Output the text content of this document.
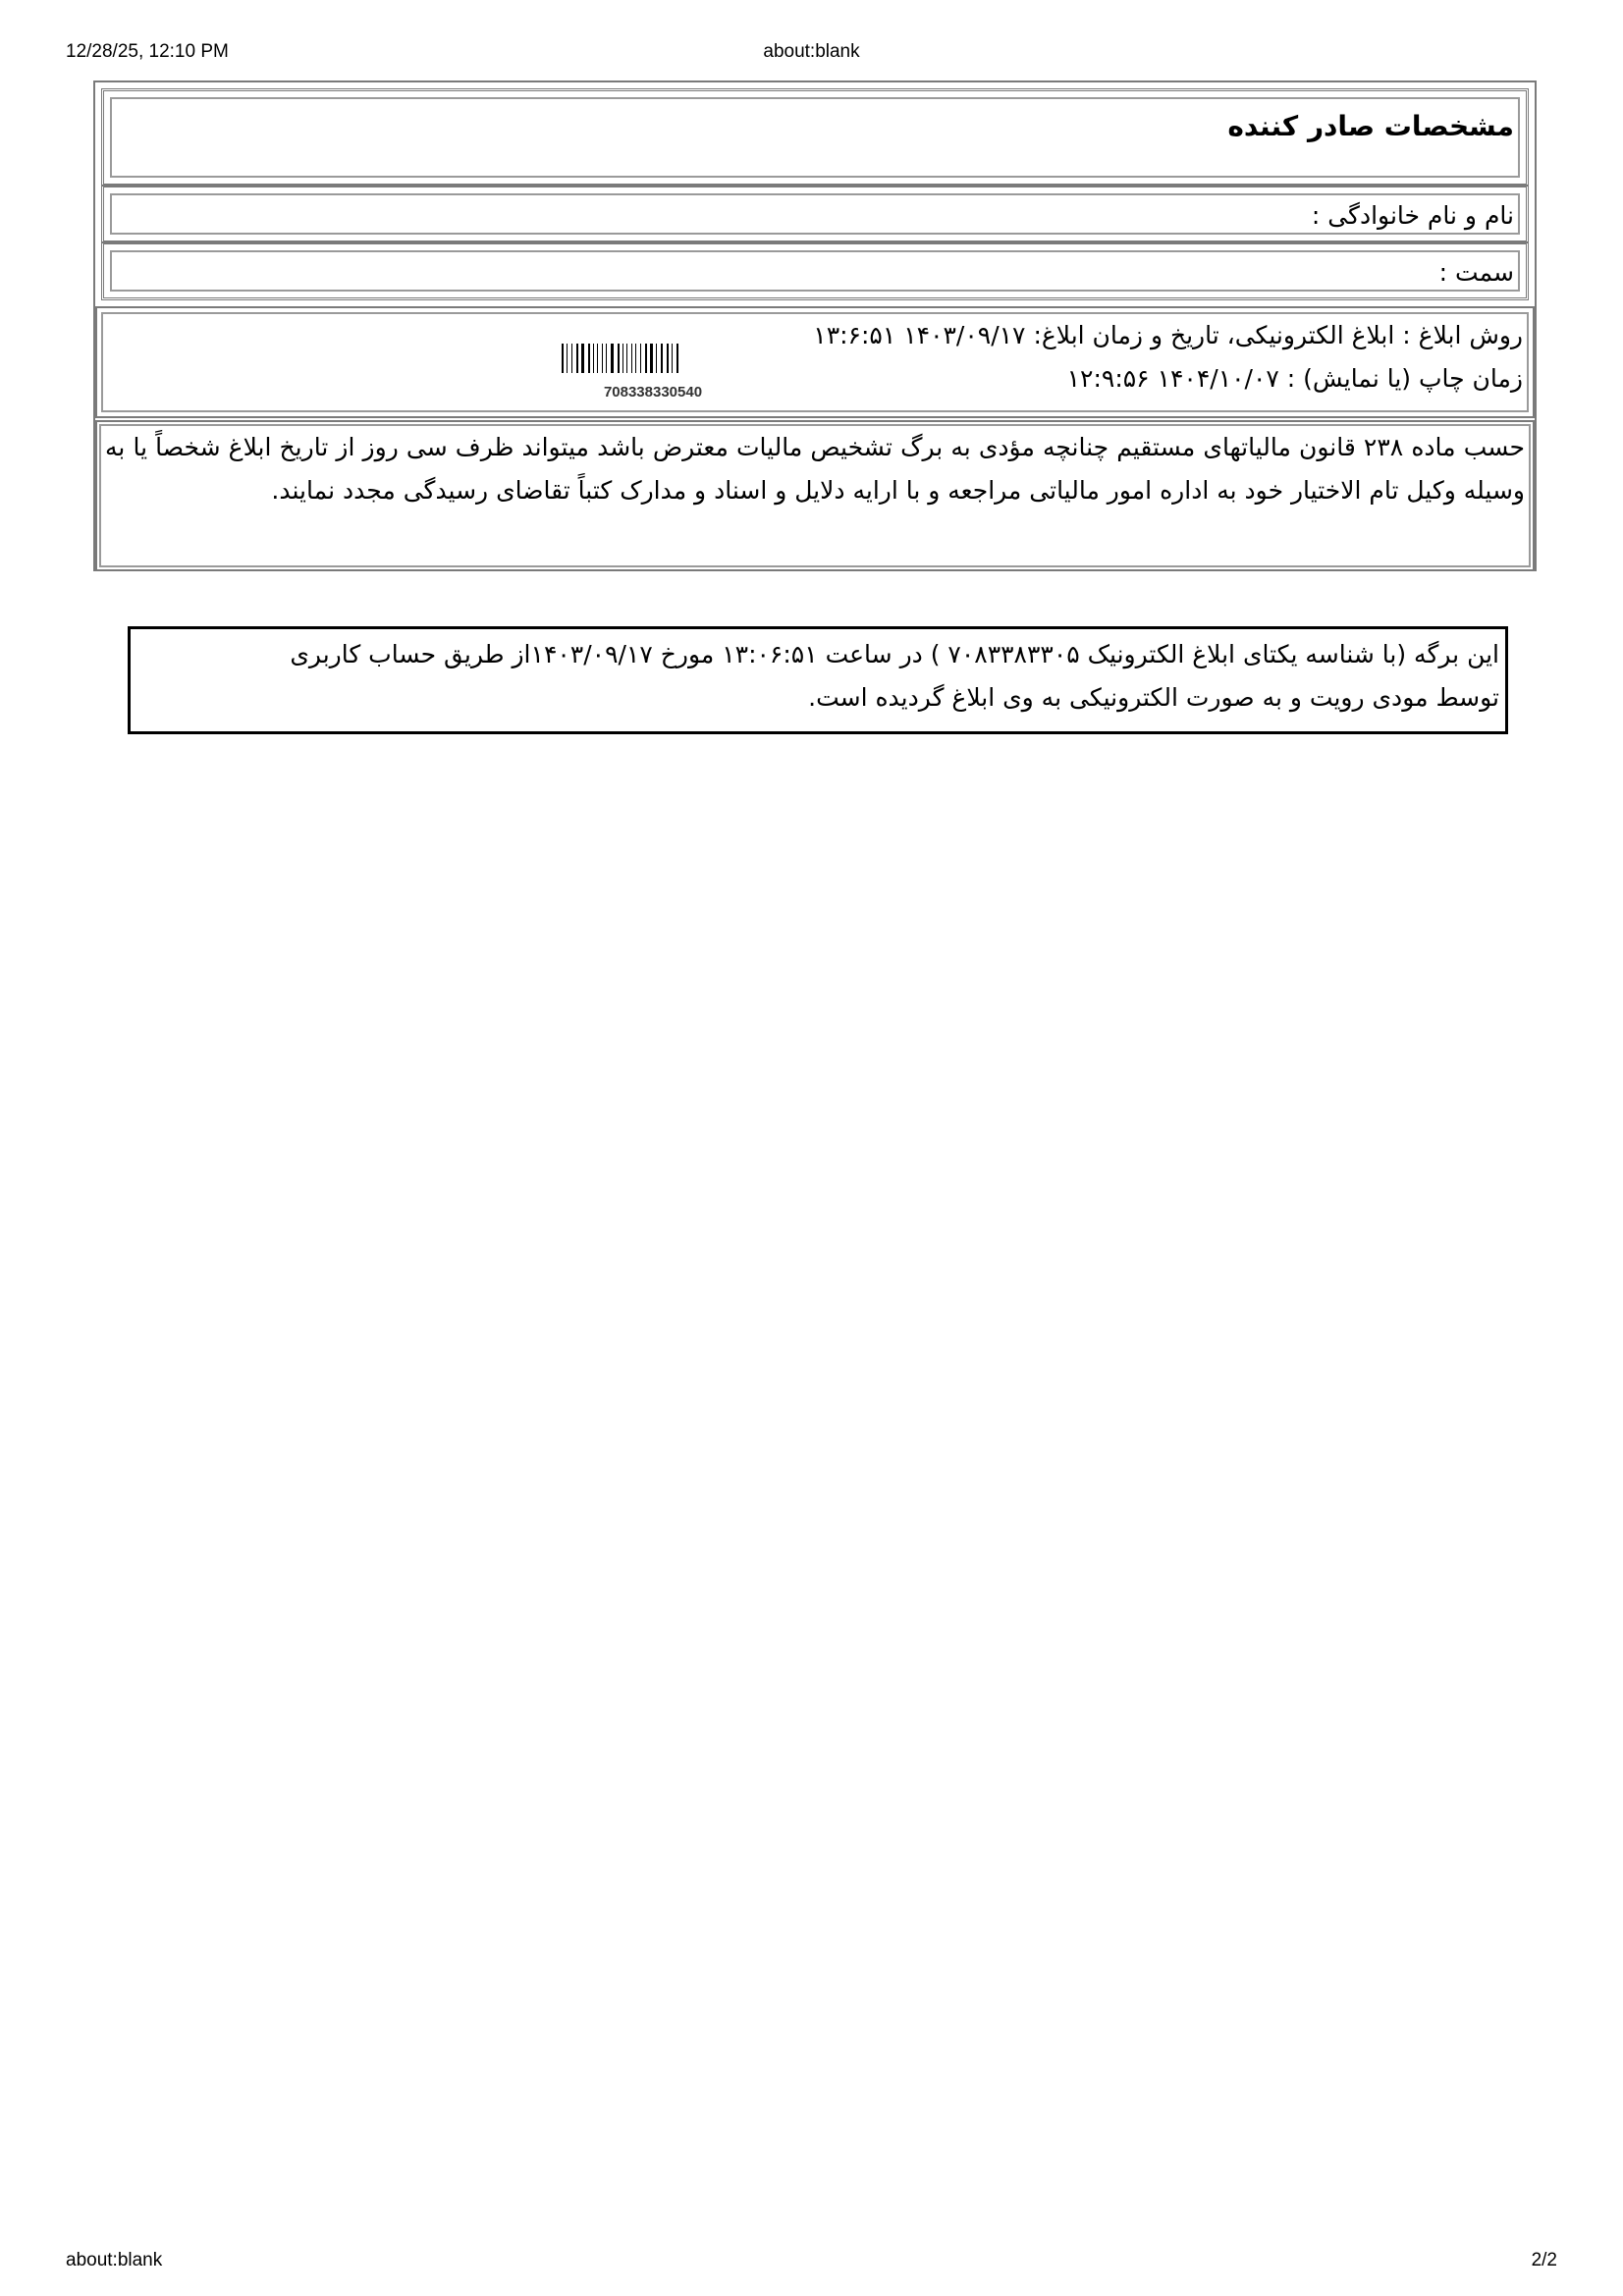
12/28/25, 12:10 PM	about:blank
مشخصات صادر کننده
نام و نام خانوادگی :
سمت :
روش ابلاغ : ابلاغ الکترونیکی، تاریخ و زمان ابلاغ: ۱۴۰۳/۰۹/۱۷ ۱۳:۶:۵۱
زمان چاپ (یا نمایش) : ۱۴۰۴/۱۰/۰۷ ۱۲:۹:۵۶
708338330540
حسب ماده ۲۳۸ قانون مالیاتهای مستقیم چنانچه مؤدی به برگ تشخیص مالیات معترض باشد میتواند ظرف سی روز از تاریخ ابلاغ شخصاً یا به وسیله وکیل تام الاختیار خود به اداره امور مالیاتی مراجعه و با ارایه دلایل و اسناد و مدارک کتباً تقاضای رسیدگی مجدد نمایند.
این برگه (با شناسه یکتای ابلاغ الکترونیک ۷۰۸۳۳۸۳۳۰۵ ) در ساعت ۱۳:۰۶:۵۱ مورخ ۱۴۰۳/۰۹/۱۷از طریق حساب کاربری
توسط مودی رویت و به صورت الکترونیکی به وی ابلاغ گردیده است.
about:blank	2/2
